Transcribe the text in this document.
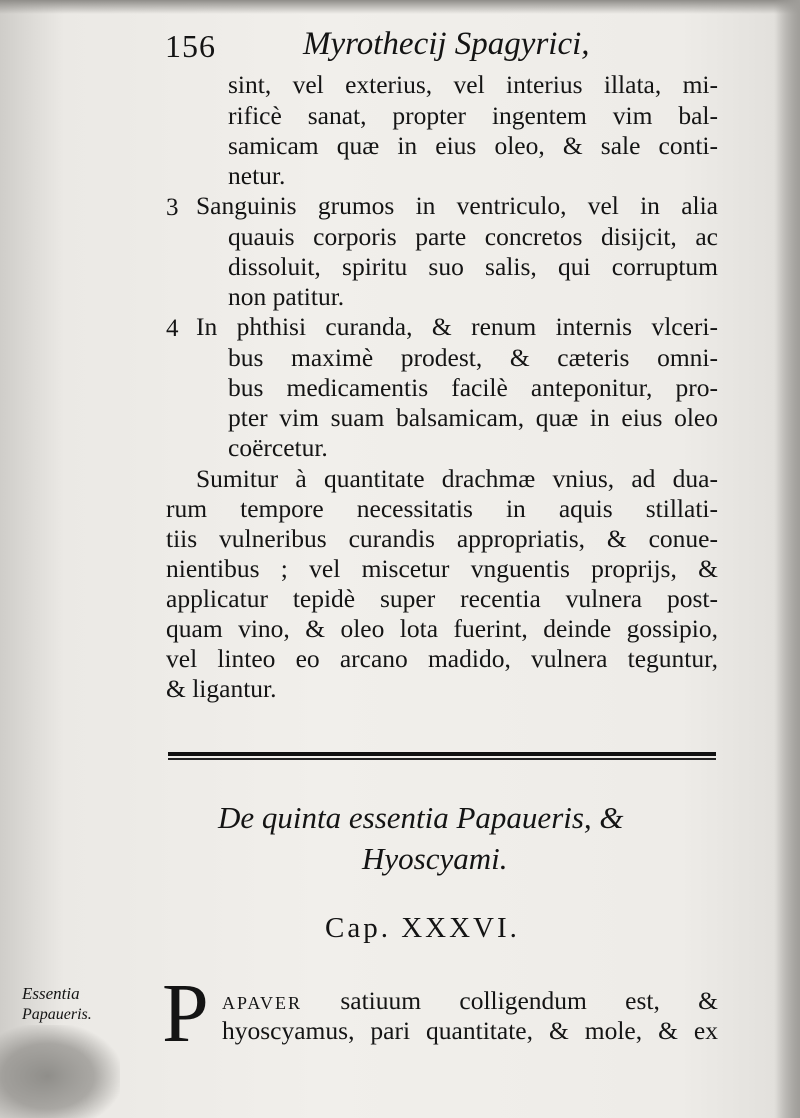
156	Myrothecij Spagyrici,
sint, vel exterius, vel interius illata, mi-
rificè sanat, propter ingentem vim bal-
samicam quæ in eius oleo, & sale conti-
netur.
3 Sanguinis grumos in ventriculo, vel in alia
quauis corporis parte concretos disijcit, ac
dissoluit, spiritu suo salis, qui corruptum
non patitur.
4 In phthisi curanda, & renum internis vlceri-
bus maximè prodest, & cæteris omni-
bus medicamentis facilè anteponitur, pro-
pter vim suam balsamicam, quæ in eius oleo
coërcetur.
Sumitur à quantitate drachmæ vnius, ad dua-
rum tempore necessitatis in aquis stillati-
tiis vulneribus curandis appropriatis, & conue-
nientibus ; vel miscetur vnguentis proprijs, &
applicatur tepidè super recentia vulnera post-
quam vino, & oleo lota fuerint, deinde gossipio,
vel linteo eo arcano madido, vulnera teguntur,
& ligantur.
De quinta essentia Papaueris, &
Hyoscyami.
Cap. XXXVI.
Essentia
Papaueris. P apaver satiuum colligendum est, &
hyoscyamus, pari quantitate, & mole, & ex
